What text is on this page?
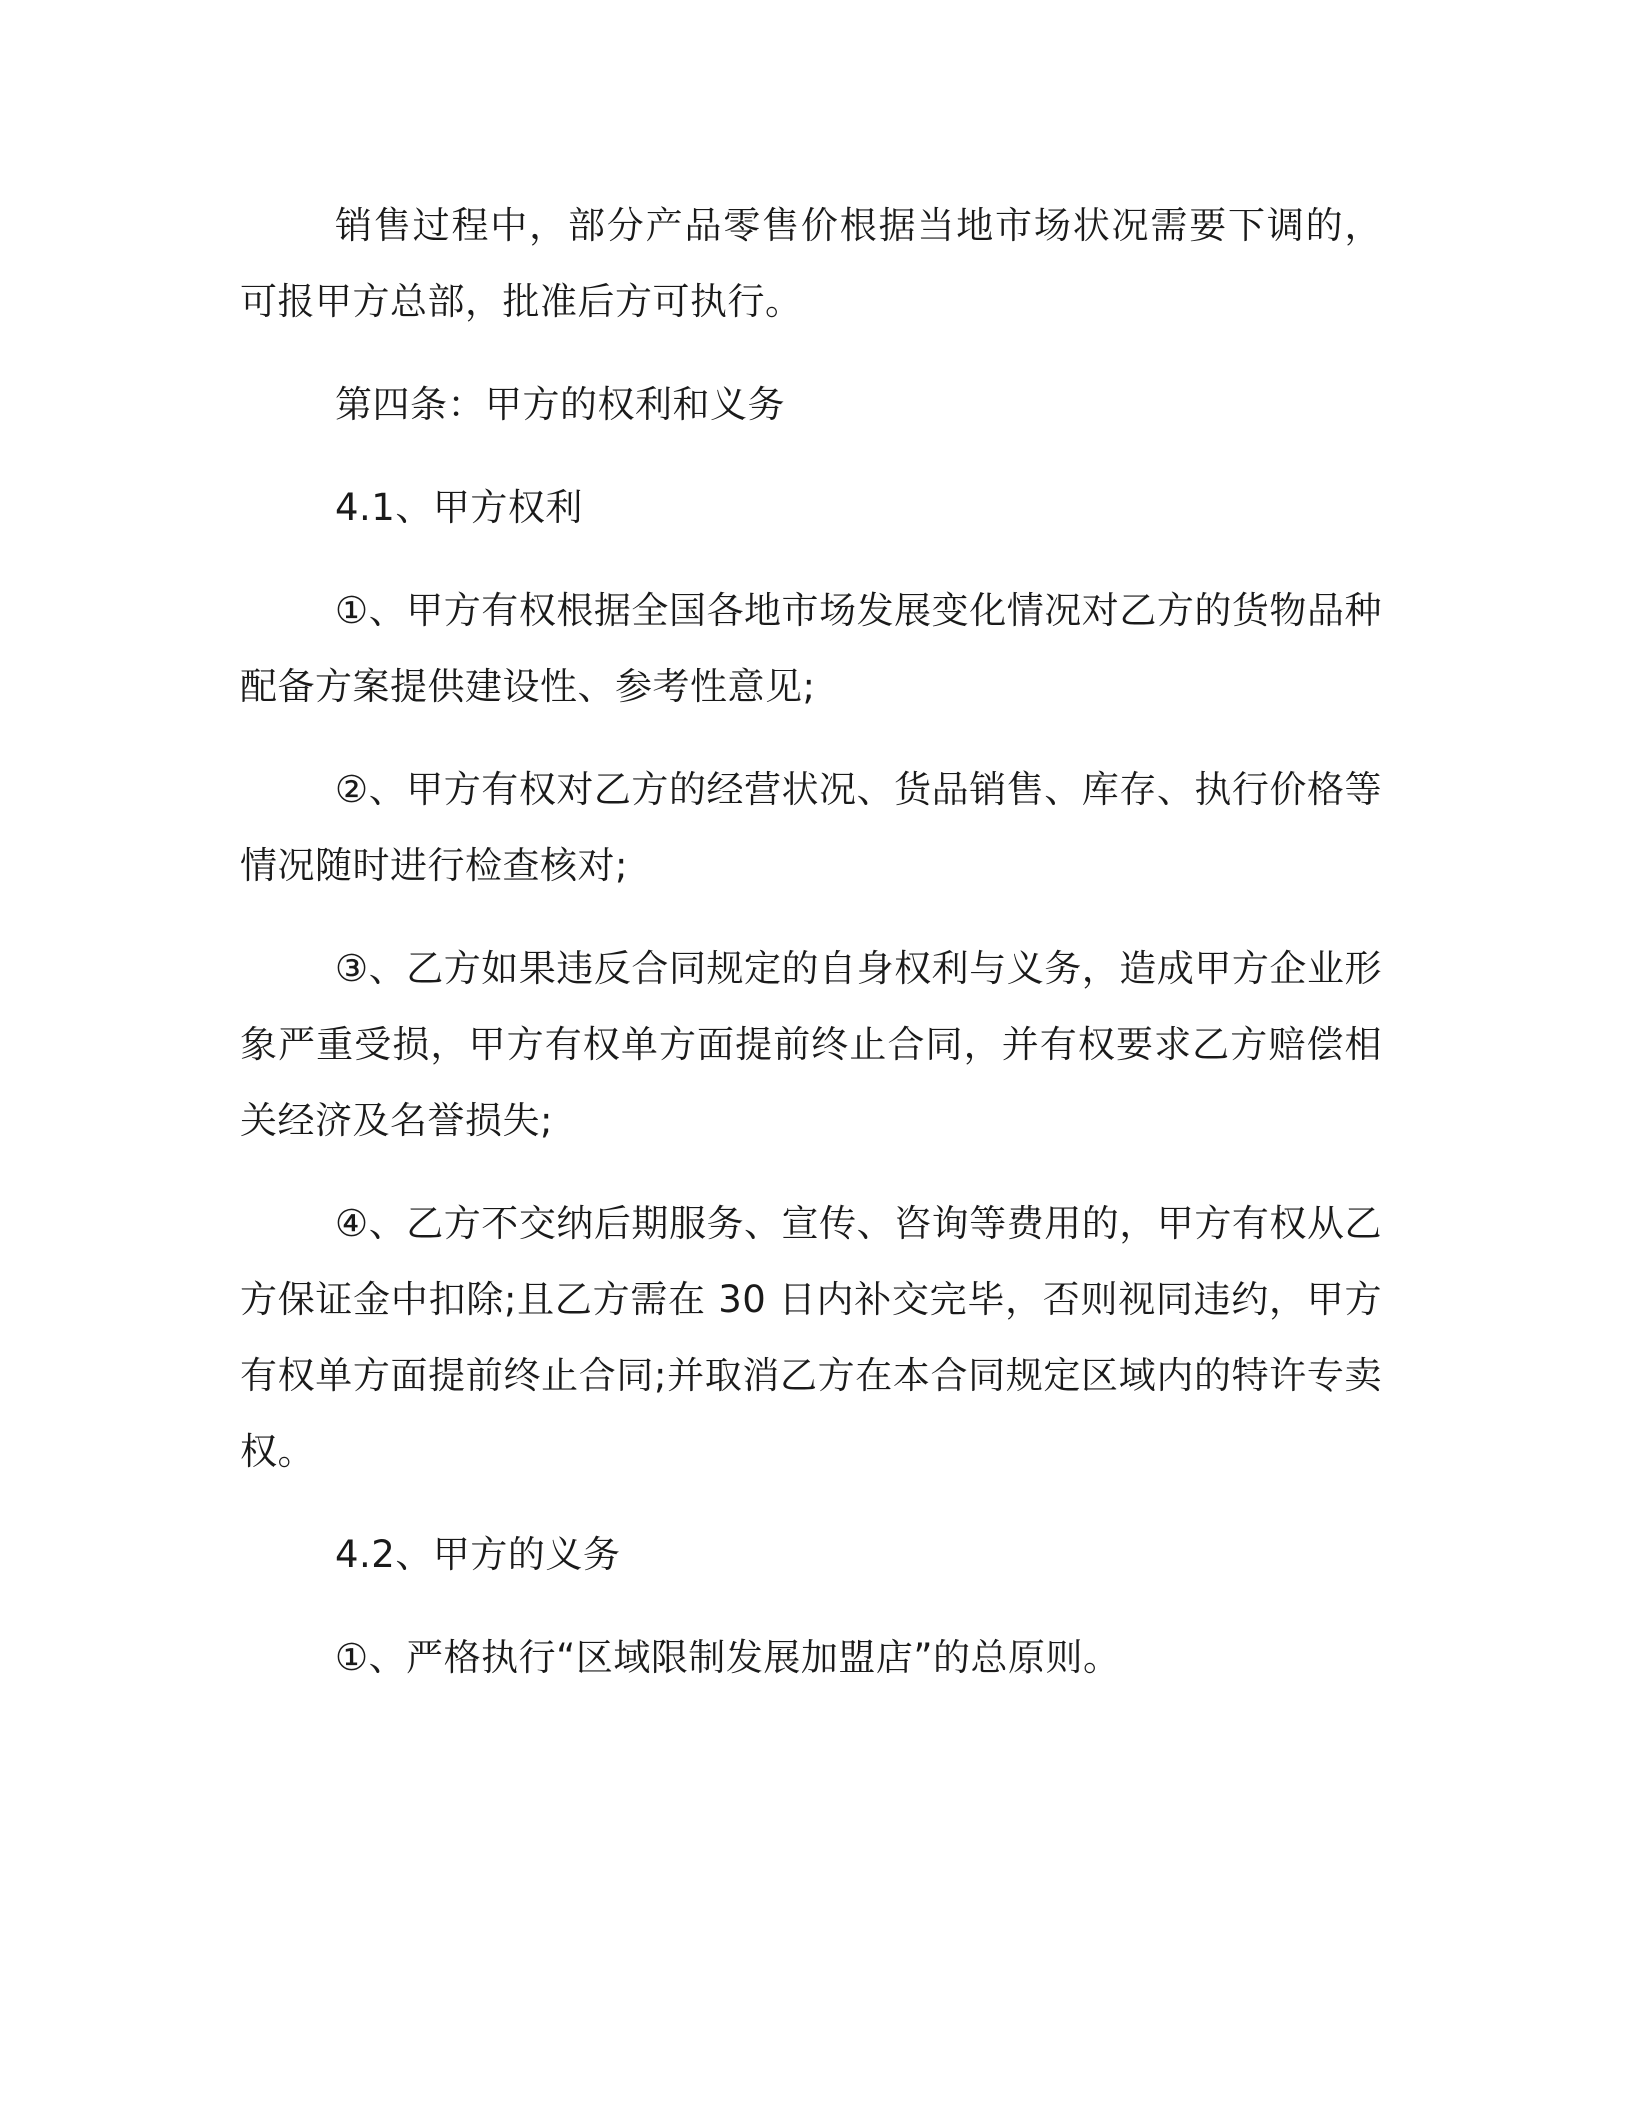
销售过程中，部分产品零售价根据当地市场状况需要下调的，可报甲方总部，批准后方可执行。

第四条：甲方的权利和义务

4.1、甲方权利

①、甲方有权根据全国各地市场发展变化情况对乙方的货物品种配备方案提供建设性、参考性意见;

②、甲方有权对乙方的经营状况、货品销售、库存、执行价格等情况随时进行检查核对;

③、乙方如果违反合同规定的自身权利与义务，造成甲方企业形象严重受损，甲方有权单方面提前终止合同，并有权要求乙方赔偿相关经济及名誉损失;

④、乙方不交纳后期服务、宣传、咨询等费用的，甲方有权从乙方保证金中扣除;且乙方需在 30 日内补交完毕，否则视同违约，甲方有权单方面提前终止合同;并取消乙方在本合同规定区域内的特许专卖权。

4.2、甲方的义务

①、严格执行“区域限制发展加盟店”的总原则。
